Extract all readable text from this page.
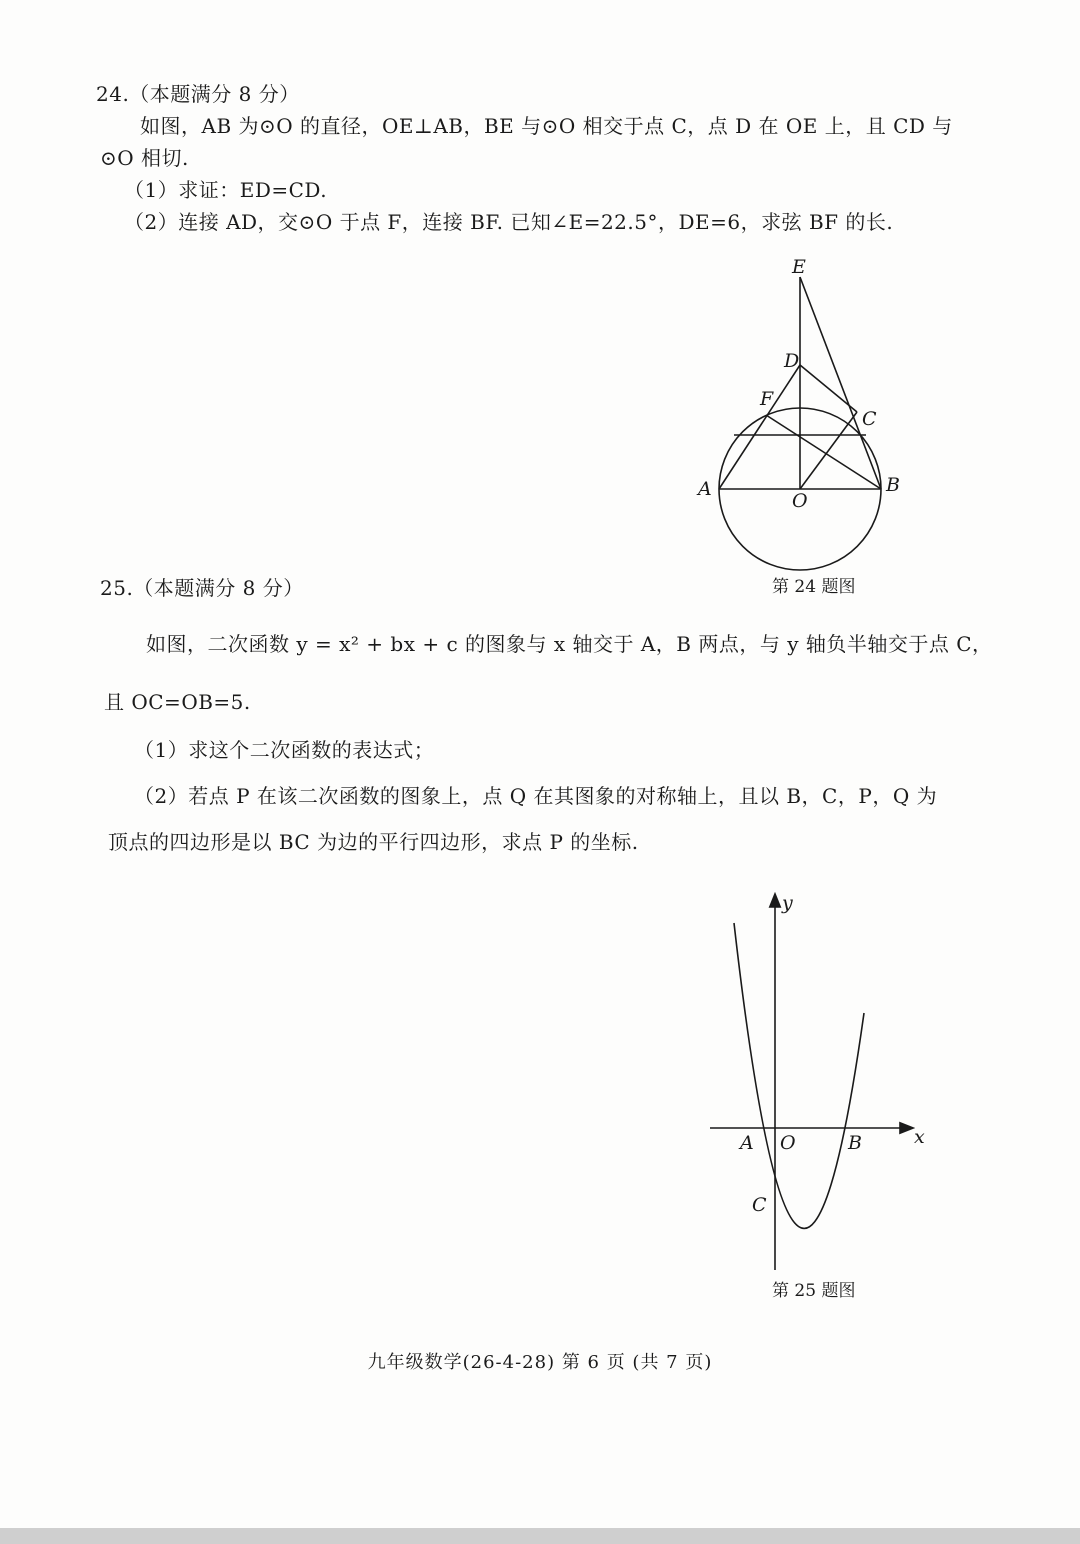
24.（本题满分 8 分）
如图，AB 为⊙O 的直径，OE⊥AB，BE 与⊙O 相交于点 C，点 D 在 OE 上，且 CD 与
⊙O 相切.
（1）求证：ED=CD.
（2）连接 AD，交⊙O 于点 F，连接 BF. 已知∠E=22.5°，DE=6，求弦 BF 的长.
E
D
F
C
A
O
B
第 24 题图
25.（本题满分 8 分）
如图，二次函数 y = x² + bx + c 的图象与 x 轴交于 A，B 两点，与 y 轴负半轴交于点 C，
且 OC=OB=5.
（1）求这个二次函数的表达式；
（2）若点 P 在该二次函数的图象上，点 Q 在其图象的对称轴上，且以 B，C，P，Q 为
顶点的四边形是以 BC 为边的平行四边形，求点 P 的坐标.
y
x
A O	B
C
第 25 题图
九年级数学(26-4-28) 第 6 页 (共 7 页)
